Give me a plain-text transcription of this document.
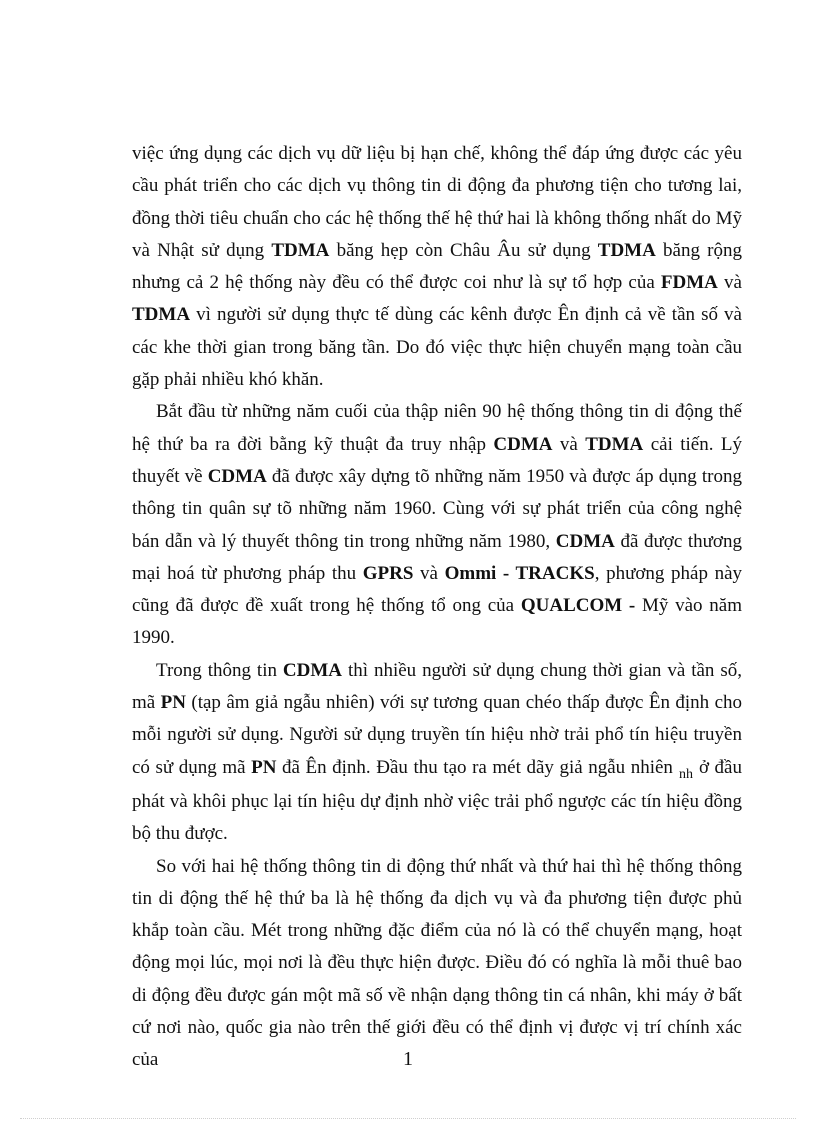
việc ứng dụng các dịch vụ dữ liệu bị hạn chế, không thể đáp ứng được các yêu cầu phát triển cho các dịch vụ thông tin di động đa phương tiện cho tương lai, đồng thời tiêu chuẩn cho các hệ thống thế hệ thứ hai là không thống nhất do Mỹ và Nhật sử dụng TDMA băng hẹp còn Châu Âu sử dụng TDMA băng rộng nhưng cả 2 hệ thống này đều có thể được coi như là sự tổ hợp của FDMA và TDMA vì người sử dụng thực tế dùng các kênh được Ên định cả về tần số và các khe thời gian trong băng tần. Do đó việc thực hiện chuyển mạng toàn cầu gặp phải nhiều khó khăn.

Bắt đầu từ những năm cuối của thập niên 90 hệ thống thông tin di động thế hệ thứ ba ra đời bằng kỹ thuật đa truy nhập CDMA và TDMA cải tiến. Lý thuyết về CDMA đã được xây dựng tõ những năm 1950 và được áp dụng trong thông tin quân sự tõ những năm 1960. Cùng với sự phát triển của công nghệ bán dẫn và lý thuyết thông tin trong những năm 1980, CDMA đã được thương mại hoá từ phương pháp thu GPRS và Ommi - TRACKS, phương pháp này cũng đã được đề xuất trong hệ thống tổ ong của QUALCOM - Mỹ vào năm 1990.

Trong thông tin CDMA thì nhiều người sử dụng chung thời gian và tần số, mã PN (tạp âm giả ngẫu nhiên) với sự tương quan chéo thấp được Ên định cho mỗi người sử dụng. Người sử dụng truyền tín hiệu nhờ trải phổ tín hiệu truyền có sử dụng mã PN đã Ên định. Đầu thu tạo ra mét dãy giả ngẫu nhiên $_{nh}$ ở đầu phát và khôi phục lại tín hiệu dự định nhờ việc trải phổ ngược các tín hiệu đồng bộ thu được.

So với hai hệ thống thông tin di động thứ nhất và thứ hai thì hệ thống thông tin di động thế hệ thứ ba là hệ thống đa dịch vụ và đa phương tiện được phủ khắp toàn cầu. Mét trong những đặc điểm của nó là có thể chuyển mạng, hoạt động mọi lúc, mọi nơi là đều thực hiện được. Điều đó có nghĩa là mỗi thuê bao di động đều được gán một mã số về nhận dạng thông tin cá nhân, khi máy ở bất cứ nơi nào, quốc gia nào trên thế giới đều có thể định vị được vị trí chính xác của	1
